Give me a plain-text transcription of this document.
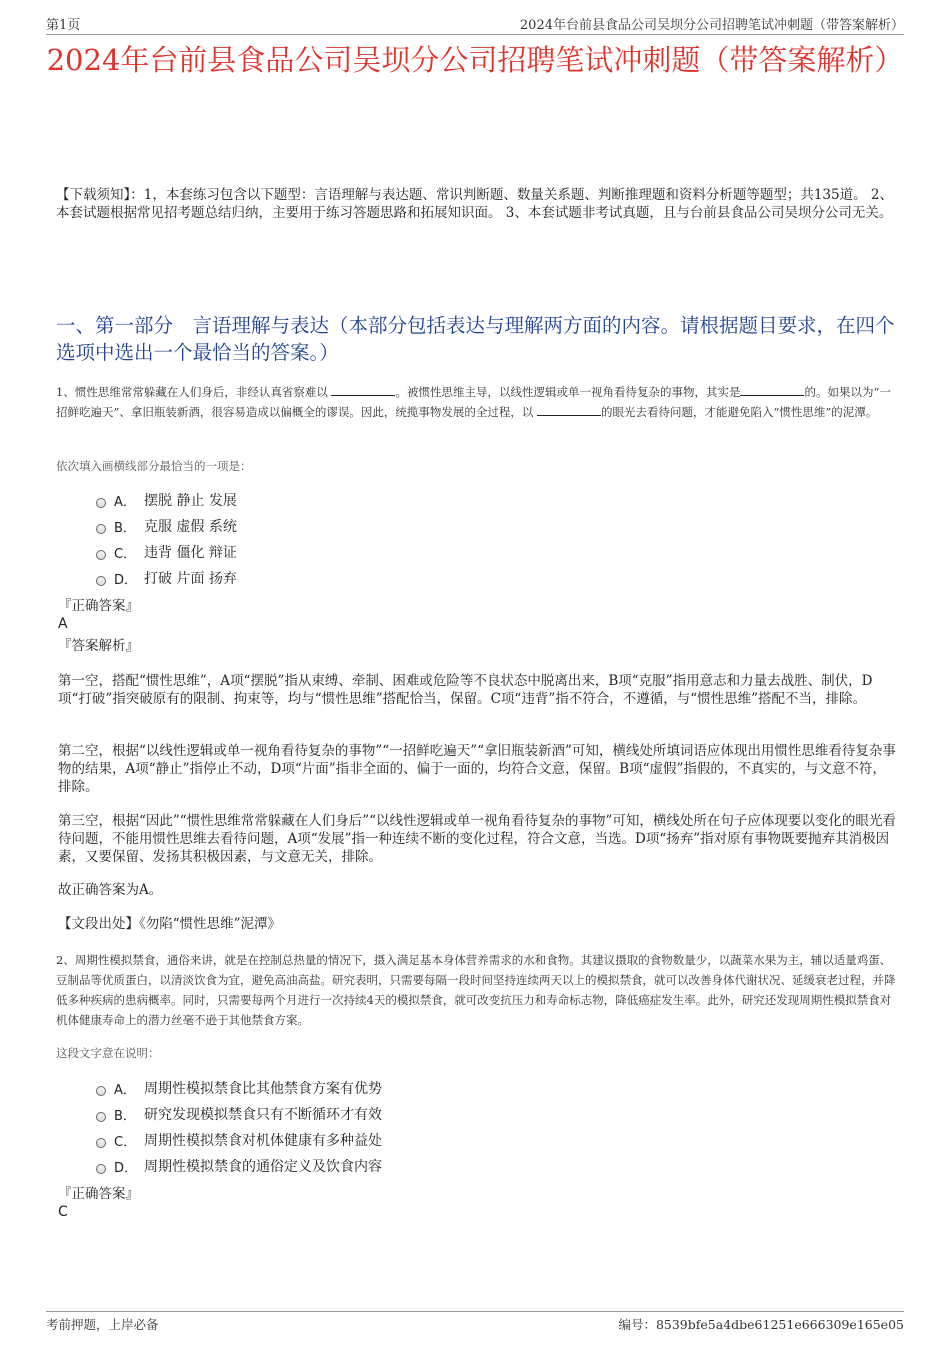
第1页	2024年台前县食品公司吴坝分公司招聘笔试冲刺题（带答案解析）
2024年台前县食品公司吴坝分公司招聘笔试冲刺题（带答案解析）
【下载须知】：1，本套练习包含以下题型：言语理解与表达题、常识判断题、数量关系题、判断推理题和资料分析题等题型；共135道。 2、本套试题根据常见招考题总结归纳，主要用于练习答题思路和拓展知识面。 3、本套试题非考试真题，且与台前县食品公司吴坝分公司无关。
一、第一部分　言语理解与表达（本部分包括表达与理解两方面的内容。请根据题目要求，在四个选项中选出一个最恰当的答案。）
1、惯性思维常常躲藏在人们身后，非经认真省察难以	。被惯性思维主导，以线性逻辑或单一视角看待复杂的事物，其实是	的。如果以为“一招鲜吃遍天”、拿旧瓶装新酒，很容易造成以偏概全的谬误。因此，统揽事物发展的全过程，以	的眼光去看待问题，才能避免陷入“惯性思维”的泥潭。
依次填入画横线部分最恰当的一项是：
A． 摆脱 静止 发展
B． 克服 虚假 系统
C． 违背 僵化 辩证
D． 打破 片面 扬弃
『正确答案』
A
『答案解析』
第一空，搭配“惯性思维”，A项“摆脱”指从束缚、牵制、困难或危险等不良状态中脱离出来，B项“克服”指用意志和力量去战胜、制伏，D项“打破”指突破原有的限制、拘束等，均与“惯性思维”搭配恰当，保留。C项“违背”指不符合，不遵循，与“惯性思维”搭配不当，排除。
第二空，根据“以线性逻辑或单一视角看待复杂的事物”“一招鲜吃遍天”“拿旧瓶装新酒”可知，横线处所填词语应体现出用惯性思维看待复杂事物的结果，A项“静止”指停止不动，D项“片面”指非全面的、偏于一面的，均符合文意，保留。B项“虚假”指假的，不真实的，与文意不符，排除。
第三空，根据“因此”“惯性思维常常躲藏在人们身后”“以线性逻辑或单一视角看待复杂的事物”可知，横线处所在句子应体现要以变化的眼光看待问题，不能用惯性思维去看待问题，A项“发展”指一种连续不断的变化过程，符合文意，当选。D项“扬弃”指对原有事物既要抛弃其消极因素，又要保留、发扬其积极因素，与文意无关，排除。
故正确答案为A。
【文段出处】《勿陷“惯性思维”泥潭》
2、周期性模拟禁食，通俗来讲，就是在控制总热量的情况下，摄入满足基本身体营养需求的水和食物。其建议摄取的食物数量少，以蔬菜水果为主，辅以适量鸡蛋、豆制品等优质蛋白，以清淡饮食为宜，避免高油高盐。研究表明，只需要每隔一段时间坚持连续两天以上的模拟禁食，就可以改善身体代谢状况、延缓衰老过程，并降低多种疾病的患病概率。同时，只需要每两个月进行一次持续4天的模拟禁食，就可改变抗压力和寿命标志物，降低癌症发生率。此外，研究还发现周期性模拟禁食对机体健康寿命上的潜力丝毫不逊于其他禁食方案。
这段文字意在说明：
A． 周期性模拟禁食比其他禁食方案有优势
B． 研究发现模拟禁食只有不断循环才有效
C． 周期性模拟禁食对机体健康有多种益处
D． 周期性模拟禁食的通俗定义及饮食内容
『正确答案』
C
考前押题，上岸必备	编号：8539bfe5a4dbe61251e666309e165e05
